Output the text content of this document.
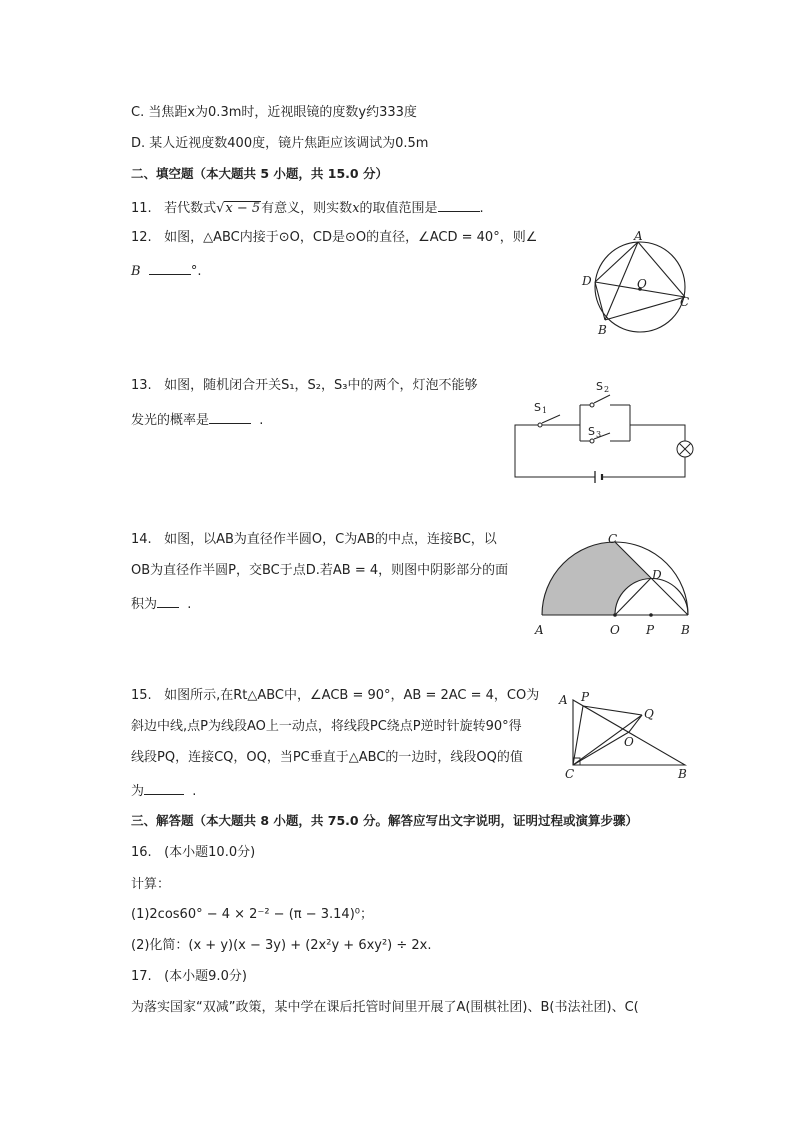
C. 当焦距x为0.3m时，近视眼镜的度数y约333度
D. 某人近视度数400度，镜片焦距应该调试为0.5m
二、填空题（本大题共 5 小题，共 15.0 分）
11. 若代数式√x − 5有意义，则实数x的取值范围是	.
12. 如图，△ABC内接于⊙O，CD是⊙O的直径，∠ACD = 40°，则∠
B	°.
A
D	O
C
B
13. 如图，随机闭合开关S₁，S₂，S₃中的两个，灯泡不能够
发光的概率是	.
S 1
S 2
S 3
14. 如图，以AB为直径作半圆O，C为AB的中点，连接BC，以
OB为直径作半圆P，交BC于点D.若AB = 4，则图中阴影部分的面
积为 .
C
D
A	O P B
15. 如图所示,在Rt△ABC中，∠ACB = 90°，AB = 2AC = 4，CO为
斜边中线,点P为线段AO上一动点，将线段PC绕点P逆时针旋转90°得
线段PQ，连接CQ，OQ，当PC垂直于△ABC的一边时，线段OQ的值
为	.
A P
Q
O
C	B
三、解答题（本大题共 8 小题，共 75.0 分。解答应写出文字说明，证明过程或演算步骤）
16. (本小题10.0分)
计算：
(1)2cos60° − 4 × 2⁻² − (π − 3.14)⁰；
(2)化简：(x + y)(x − 3y) + (2x²y + 6xy²) ÷ 2x.
17. (本小题9.0分)
为落实国家“双减”政策，某中学在课后托管时间里开展了A(围棋社团)、B(书法社团)、C(
